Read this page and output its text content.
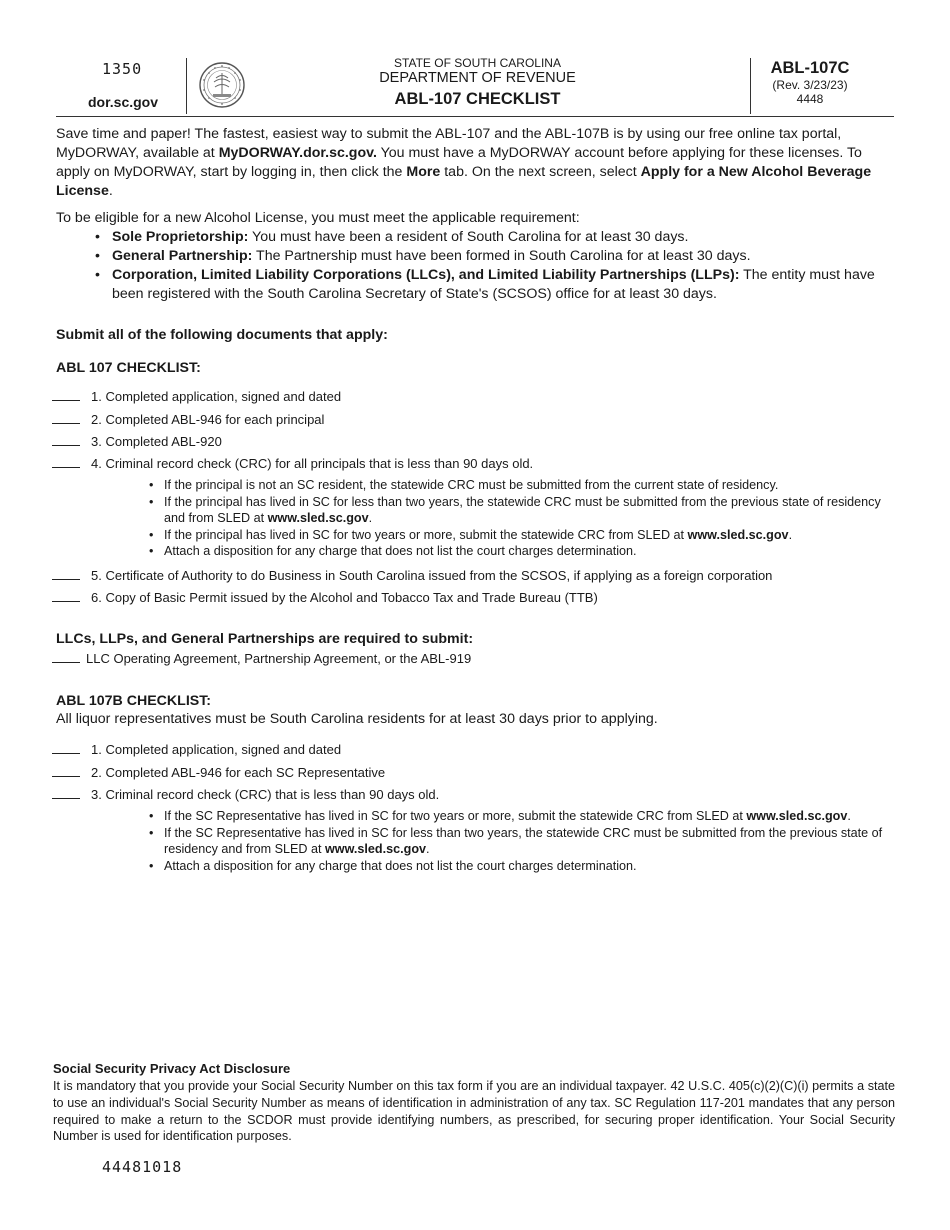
1350
dor.sc.gov
STATE OF SOUTH CAROLINA
DEPARTMENT OF REVENUE
ABL-107 CHECKLIST
ABL-107C
(Rev. 3/23/23)
4448
Save time and paper! The fastest, easiest way to submit the ABL-107 and the ABL-107B is by using our free online tax portal, MyDORWAY, available at MyDORWAY.dor.sc.gov. You must have a MyDORWAY account before applying for these licenses. To apply on MyDORWAY, start by logging in, then click the More tab. On the next screen, select Apply for a New Alcohol Beverage License.
To be eligible for a new Alcohol License, you must meet the applicable requirement:
• Sole Proprietorship: You must have been a resident of South Carolina for at least 30 days.
• General Partnership: The Partnership must have been formed in South Carolina for at least 30 days.
• Corporation, Limited Liability Corporations (LLCs), and Limited Liability Partnerships (LLPs): The entity must have been registered with the South Carolina Secretary of State's (SCSOS) office for at least 30 days.
Submit all of the following documents that apply:
ABL 107 CHECKLIST:
1. Completed application, signed and dated
2. Completed ABL-946 for each principal
3. Completed ABL-920
4. Criminal record check (CRC) for all principals that is less than 90 days old.
• If the principal is not an SC resident, the statewide CRC must be submitted from the current state of residency.
• If the principal has lived in SC for less than two years, the statewide CRC must be submitted from the previous state of residency and from SLED at www.sled.sc.gov.
• If the principal has lived in SC for two years or more, submit the statewide CRC from SLED at www.sled.sc.gov.
• Attach a disposition for any charge that does not list the court charges determination.
5. Certificate of Authority to do Business in South Carolina issued from the SCSOS, if applying as a foreign corporation
6. Copy of Basic Permit issued by the Alcohol and Tobacco Tax and Trade Bureau (TTB)
LLCs, LLPs, and General Partnerships are required to submit:
LLC Operating Agreement, Partnership Agreement, or the ABL-919
ABL 107B CHECKLIST:
All liquor representatives must be South Carolina residents for at least 30 days prior to applying.
1. Completed application, signed and dated
2. Completed ABL-946 for each SC Representative
3. Criminal record check (CRC) that is less than 90 days old.
• If the SC Representative has lived in SC for two years or more, submit the statewide CRC from SLED at www.sled.sc.gov.
• If the SC Representative has lived in SC for less than two years, the statewide CRC must be submitted from the previous state of residency and from SLED at www.sled.sc.gov.
• Attach a disposition for any charge that does not list the court charges determination.
Social Security Privacy Act Disclosure
It is mandatory that you provide your Social Security Number on this tax form if you are an individual taxpayer. 42 U.S.C. 405(c)(2)(C)(i) permits a state to use an individual's Social Security Number as means of identification in administration of any tax. SC Regulation 117-201 mandates that any person required to make a return to the SCDOR must provide identifying numbers, as prescribed, for securing proper identification. Your Social Security Number is used for identification purposes.
44481018
